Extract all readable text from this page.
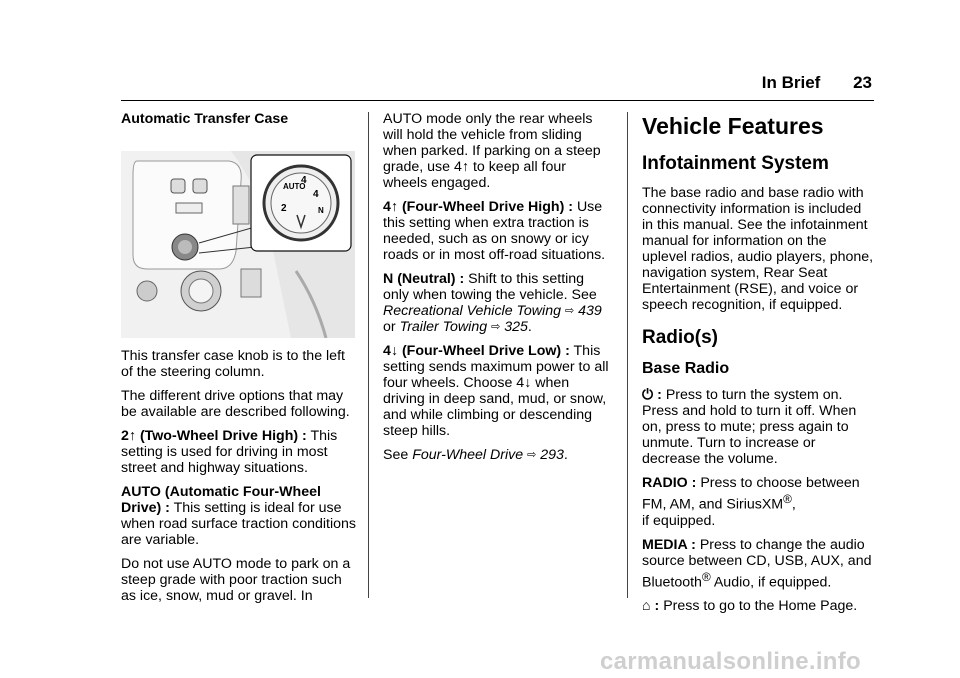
In Brief 23

Automatic Transfer Case

AUTO
4
4
2	N

This transfer case knob is to the left of the steering column.

The different drive options that may be available are described following.

2↑ (Two-Wheel Drive High) : This setting is used for driving in most street and highway situations.

AUTO (Automatic Four-Wheel Drive) : This setting is ideal for use when road surface traction conditions are variable.

Do not use AUTO mode to park on a steep grade with poor traction such as ice, snow, mud or gravel. In

AUTO mode only the rear wheels will hold the vehicle from sliding when parked. If parking on a steep grade, use 4↑ to keep all four wheels engaged.

4↑ (Four-Wheel Drive High) : Use this setting when extra traction is needed, such as on snowy or icy roads or in most off-road situations.

N (Neutral) : Shift to this setting only when towing the vehicle. See Recreational Vehicle Towing ⇨ 439
or Trailer Towing ⇨ 325.

4↓ (Four-Wheel Drive Low) : This setting sends maximum power to all four wheels. Choose 4↓ when driving in deep sand, mud, or snow, and while climbing or descending steep hills.

See Four-Wheel Drive ⇨ 293.

Vehicle Features
Infotainment System

The base radio and base radio with connectivity information is included in this manual. See the infotainment manual for information on the uplevel radios, audio players, phone, navigation system, Rear Seat Entertainment (RSE), and voice or speech recognition, if equipped.

Radio(s)
Base Radio

⏻ : Press to turn the system on. Press and hold to turn it off. When on, press to mute; press again to unmute. Turn to increase or decrease the volume.

RADIO : Press to choose between FM, AM, and SiriusXM®,
if equipped.

MEDIA : Press to change the audio source between CD, USB, AUX, and Bluetooth® Audio, if equipped.

⌂ : Press to go to the Home Page.

carmanualsonline.info
